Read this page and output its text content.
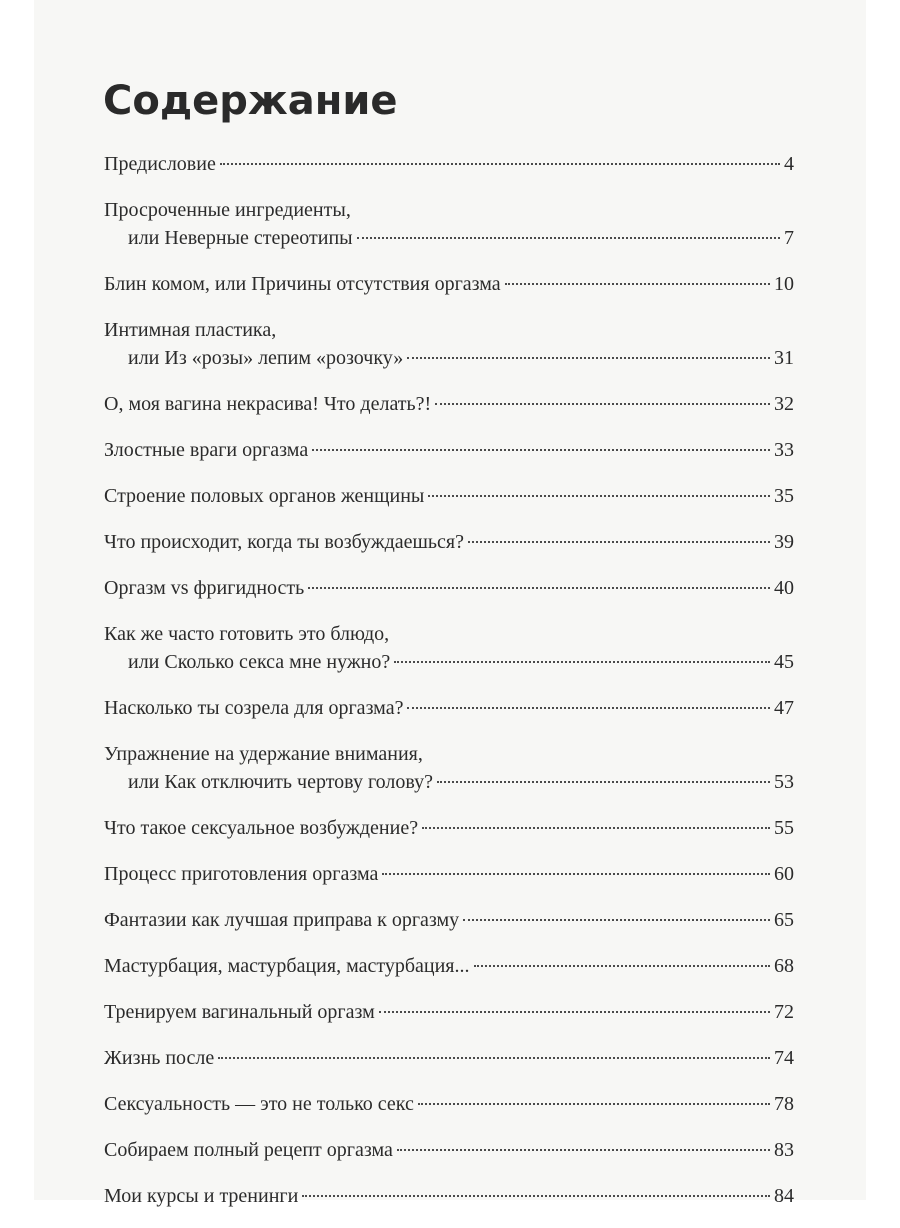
Содержание
Предисловие	4
Просроченные ингредиенты,
или Неверные стереотипы	7
Блин комом, или Причины отсутствия оргазма	10
Интимная пластика,
или Из «розы» лепим «розочку»	31
О, моя вагина некрасива! Что делать?!	32
Злостные враги оргазма	33
Строение половых органов женщины	35
Что происходит, когда ты возбуждаешься?	39
Оргазм vs фригидность	40
Как же часто готовить это блюдо,
или Сколько секса мне нужно?	45
Насколько ты созрела для оргазма?	47
Упражнение на удержание внимания,
или Как отключить чертову голову?	53
Что такое сексуальное возбуждение?	55
Процесс приготовления оргазма	60
Фантазии как лучшая приправа к оргазму	65
Мастурбация, мастурбация, мастурбация...	68
Тренируем вагинальный оргазм	72
Жизнь после	74
Сексуальность — это не только секс	78
Собираем полный рецепт оргазма	83
Мои курсы и тренинги	84
